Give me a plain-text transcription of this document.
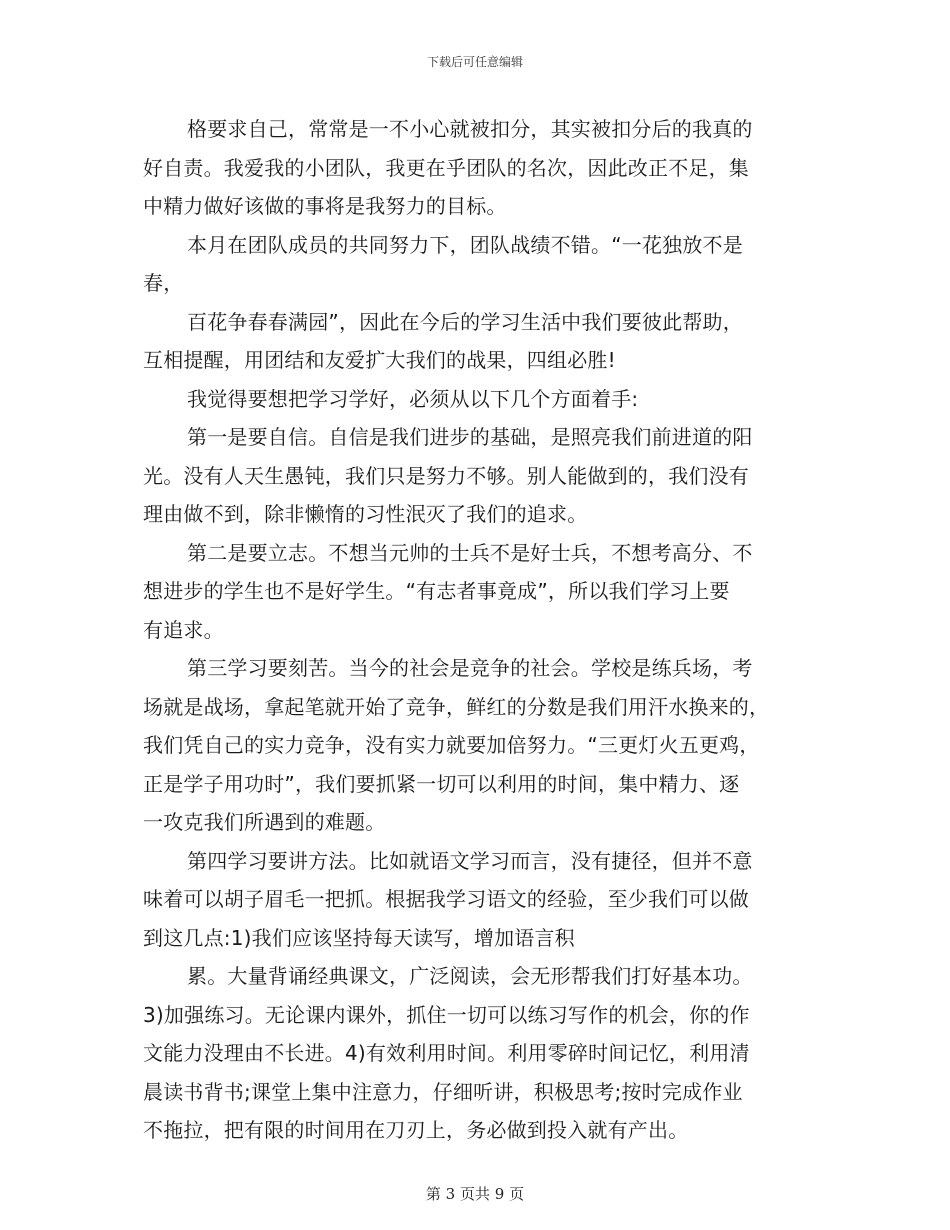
下载后可任意编辑
格要求自己，常常是一不小心就被扣分，其实被扣分后的我真的
好自责。我爱我的小团队，我更在乎团队的名次，因此改正不足，集
中精力做好该做的事将是我努力的目标。
本月在团队成员的共同努力下，团队战绩不错。“一花独放不是
春，
百花争春春满园”，因此在今后的学习生活中我们要彼此帮助，
互相提醒，用团结和友爱扩大我们的战果，四组必胜!
我觉得要想把学习学好，必须从以下几个方面着手:
第一是要自信。自信是我们进步的基础，是照亮我们前进道的阳
光。没有人天生愚钝，我们只是努力不够。别人能做到的，我们没有
理由做不到，除非懒惰的习性泯灭了我们的追求。
第二是要立志。不想当元帅的士兵不是好士兵，不想考高分、不
想进步的学生也不是好学生。“有志者事竟成”，所以我们学习上要
有追求。
第三学习要刻苦。当今的社会是竞争的社会。学校是练兵场，考
场就是战场，拿起笔就开始了竞争，鲜红的分数是我们用汗水换来的，
我们凭自己的实力竞争，没有实力就要加倍努力。“三更灯火五更鸡，
正是学子用功时”，我们要抓紧一切可以利用的时间，集中精力、逐
一攻克我们所遇到的难题。
第四学习要讲方法。比如就语文学习而言，没有捷径，但并不意
味着可以胡子眉毛一把抓。根据我学习语文的经验，至少我们可以做
到这几点:1)我们应该坚持每天读写，增加语言积
累。大量背诵经典课文，广泛阅读，会无形帮我们打好基本功。
3)加强练习。无论课内课外，抓住一切可以练习写作的机会，你的作
文能力没理由不长进。4)有效利用时间。利用零碎时间记忆，利用清
晨读书背书;课堂上集中注意力，仔细听讲，积极思考;按时完成作业
不拖拉，把有限的时间用在刀刃上，务必做到投入就有产出。
第 3 页共 9 页
